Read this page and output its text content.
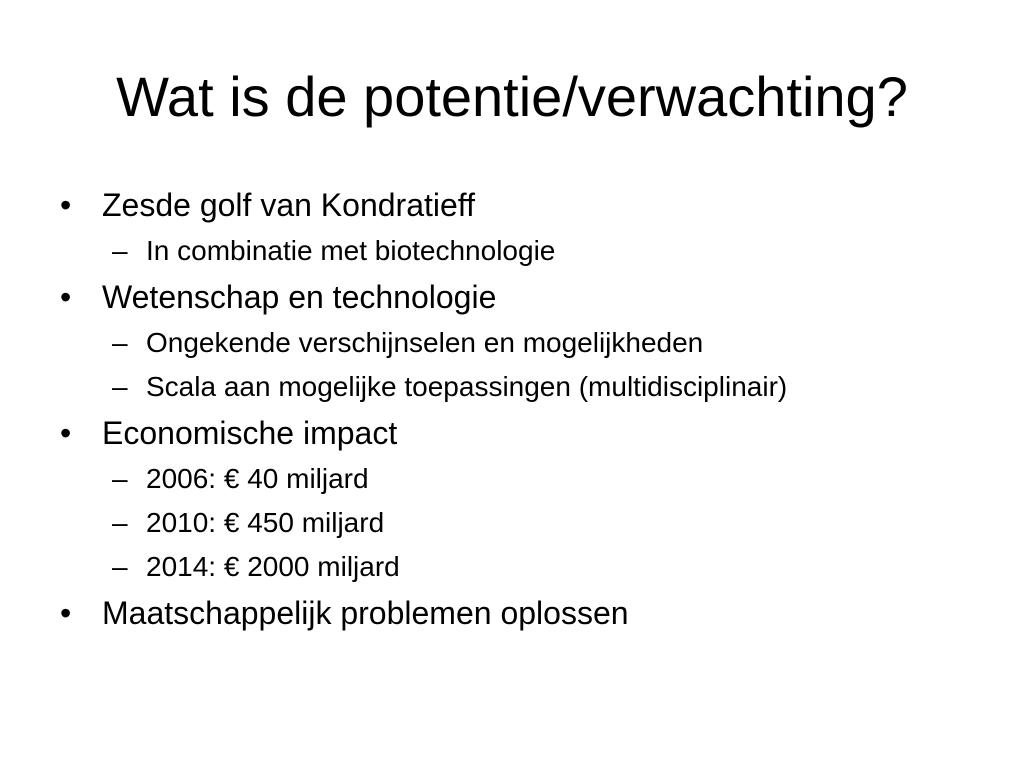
Wat is de potentie/verwachting?
• Zesde golf van Kondratieff
– In combinatie met biotechnologie
• Wetenschap en technologie
– Ongekende verschijnselen en mogelijkheden
– Scala aan mogelijke toepassingen (multidisciplinair)
• Economische impact
– 2006: € 40 miljard
– 2010: € 450 miljard
– 2014: € 2000 miljard
• Maatschappelijk problemen oplossen
